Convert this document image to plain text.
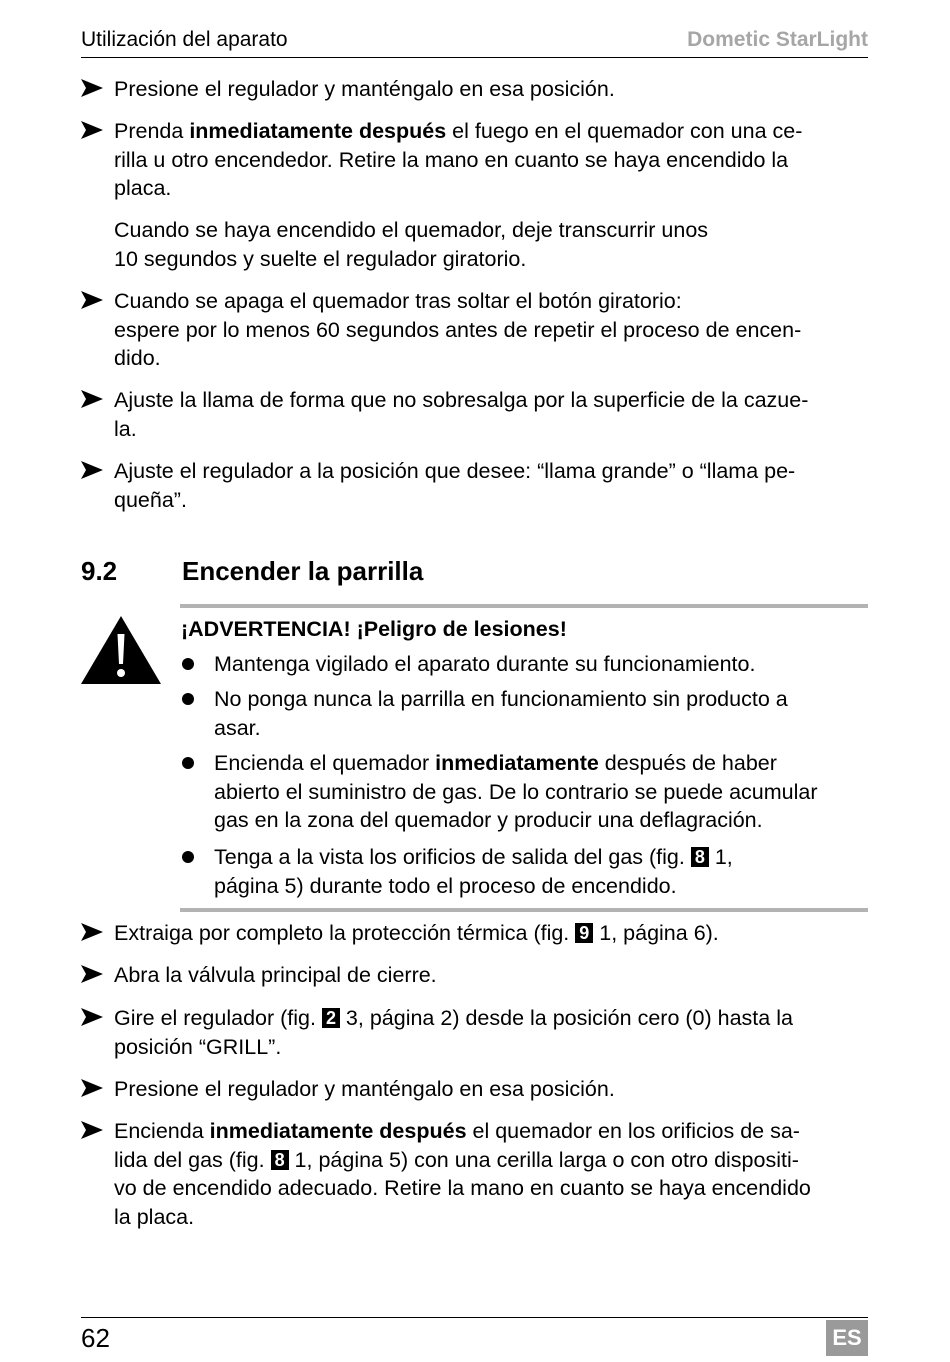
Utilización del aparato	Dometic StarLight
Presione el regulador y manténgalo en esa posición.
Prenda inmediatamente después el fuego en el quemador con una ce-
rilla u otro encendedor. Retire la mano en cuanto se haya encendido la
placa.
Cuando se haya encendido el quemador, deje transcurrir unos
10 segundos y suelte el regulador giratorio.
Cuando se apaga el quemador tras soltar el botón giratorio:
espere por lo menos 60 segundos antes de repetir el proceso de encen-
dido.
Ajuste la llama de forma que no sobresalga por la superficie de la cazue-
la.
Ajuste el regulador a la posición que desee: “llama grande” o “llama pe-
queña”.
9.2 Encender la parrilla
¡ADVERTENCIA! ¡Peligro de lesiones!
Mantenga vigilado el aparato durante su funcionamiento.
No ponga nunca la parrilla en funcionamiento sin producto a
asar.
Encienda el quemador inmediatamente después de haber
abierto el suministro de gas. De lo contrario se puede acumular
gas en la zona del quemador y producir una deflagración.
Tenga a la vista los orificios de salida del gas (fig. 8 1,
página 5) durante todo el proceso de encendido.
Extraiga por completo la protección térmica (fig. 9 1, página 6).
Abra la válvula principal de cierre.
Gire el regulador (fig. 2 3, página 2) desde la posición cero (0) hasta la
posición “GRILL”.
Presione el regulador y manténgalo en esa posición.
Encienda inmediatamente después el quemador en los orificios de sa-
lida del gas (fig. 8 1, página 5) con una cerilla larga o con otro dispositi-
vo de encendido adecuado. Retire la mano en cuanto se haya encendido
la placa.
62	ES
